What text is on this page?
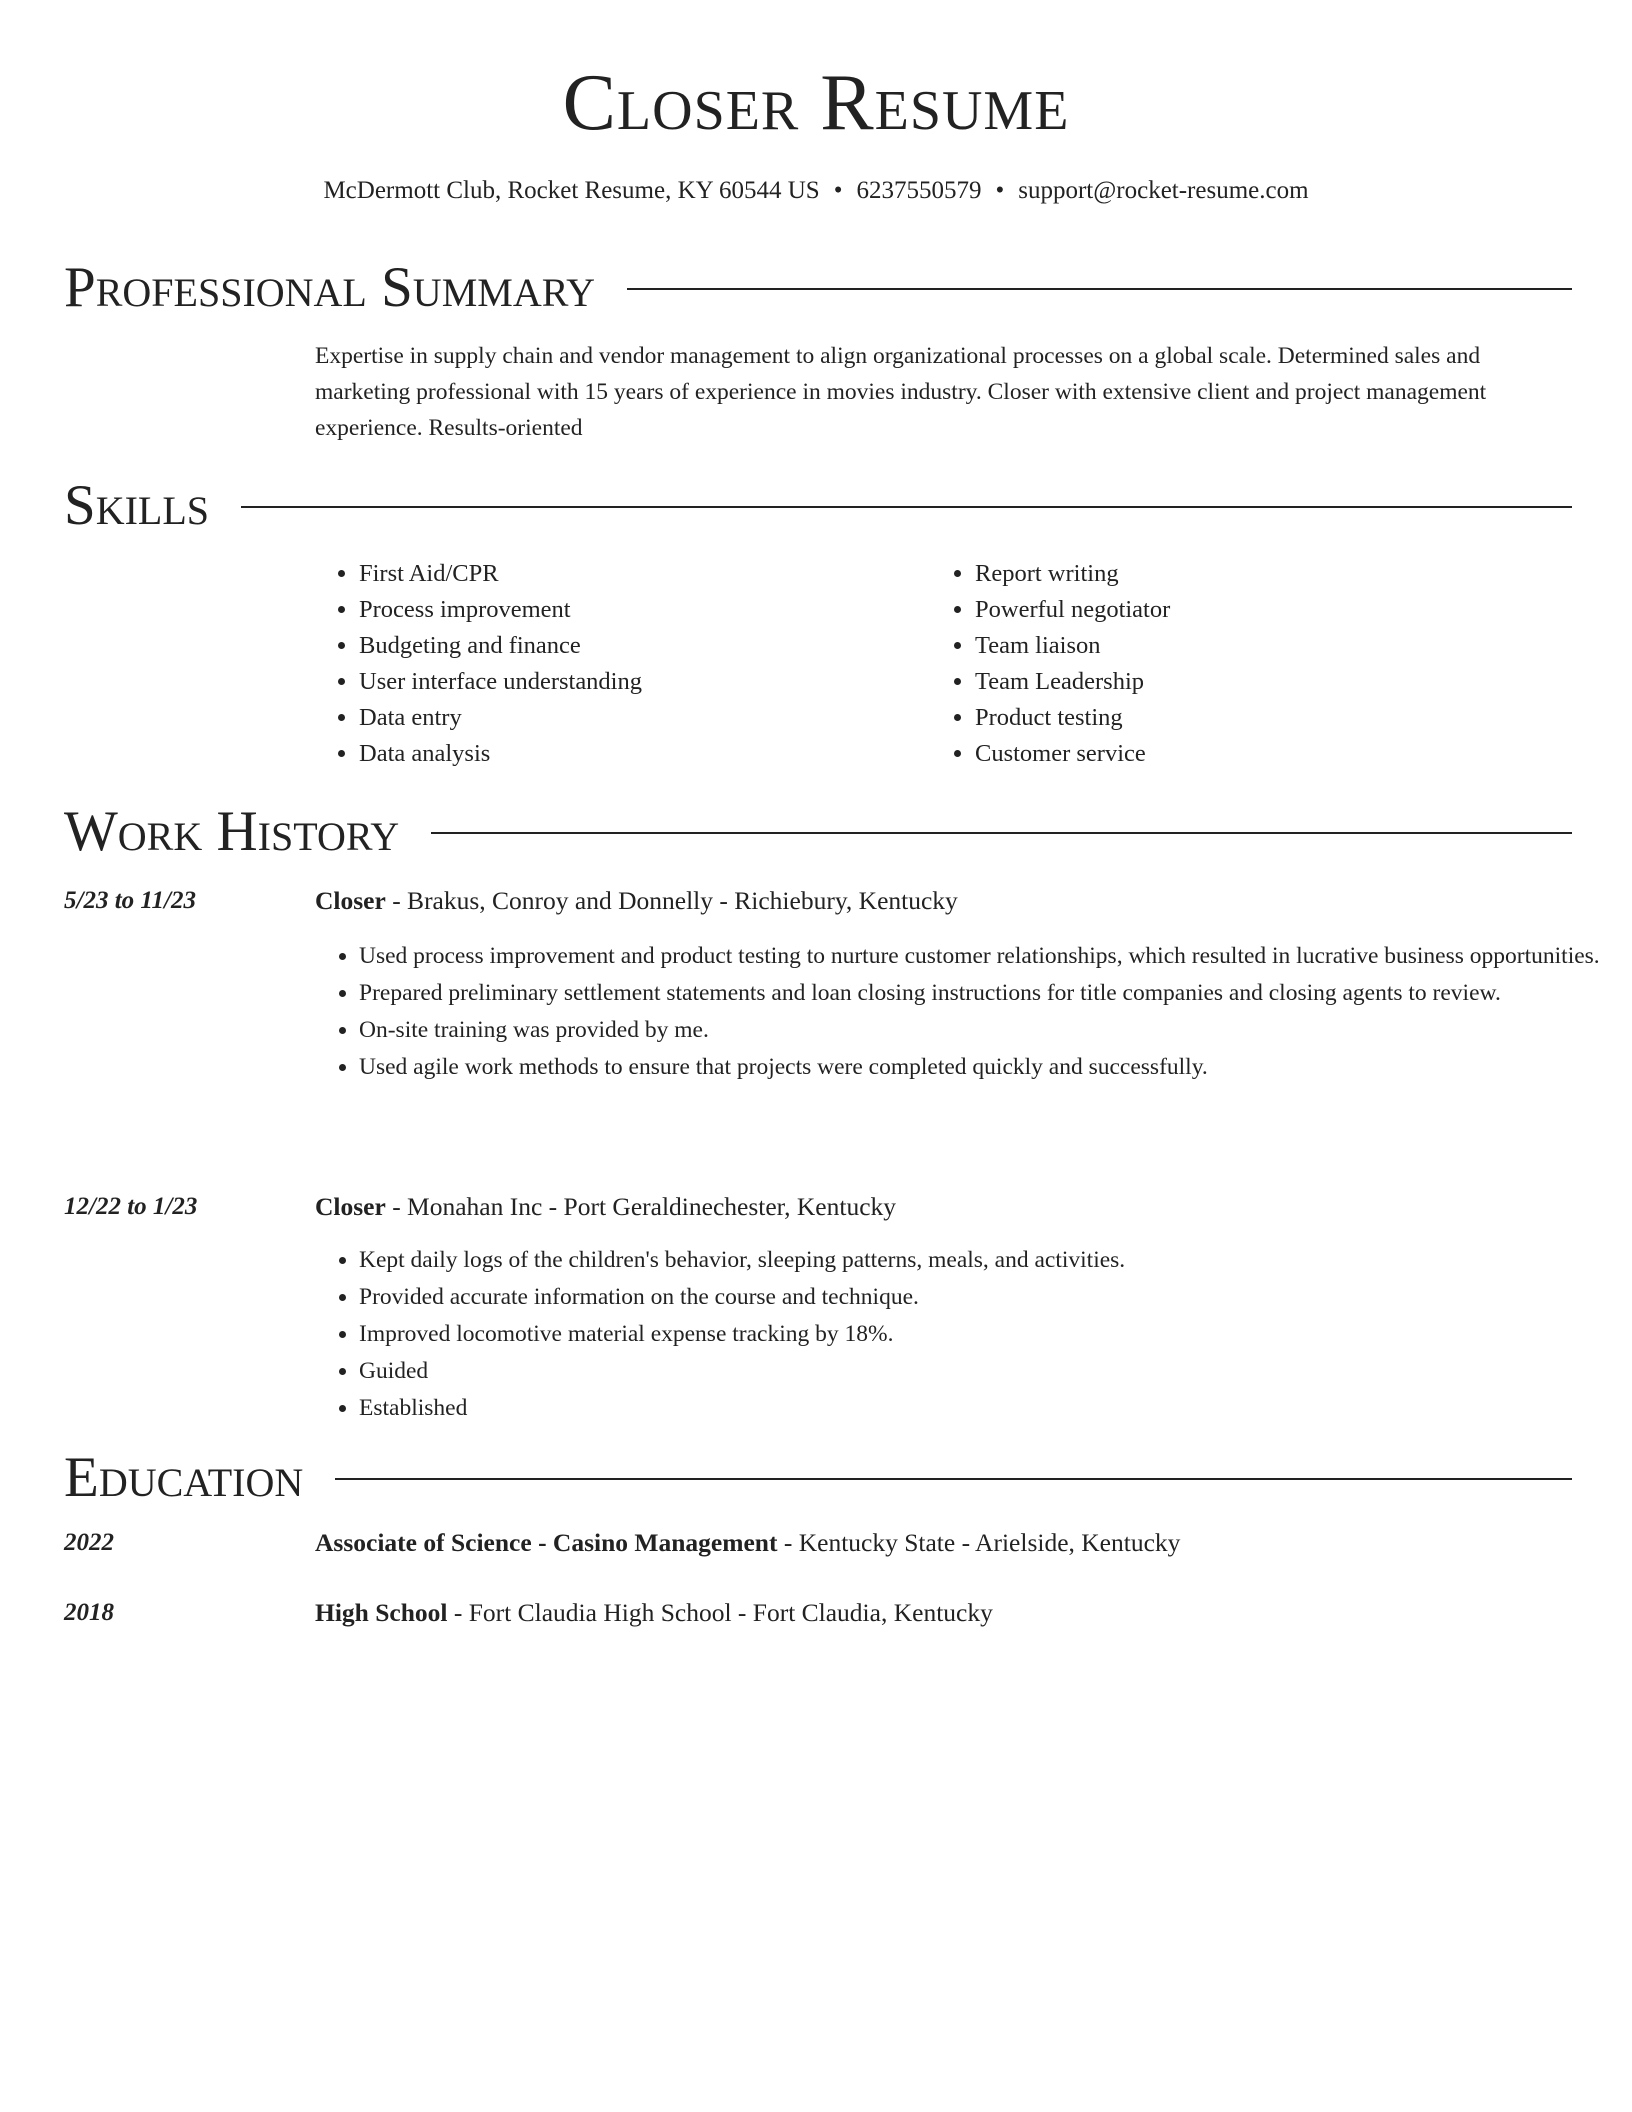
Closer Resume
McDermott Club, Rocket Resume, KY 60544 US • 6237550579 • support@rocket-resume.com
Professional Summary

Expertise in supply chain and vendor management to align organizational processes on a global scale. Determined sales and marketing professional with 15 years of experience in movies industry. Closer with extensive client and project management experience. Results-oriented

Skills
• First Aid/CPR
• Process improvement
• Budgeting and finance
• User interface understanding
• Data entry
• Data analysis
• Report writing
• Powerful negotiator
• Team liaison
• Team Leadership
• Product testing
• Customer service
Work History
5/23 to 11/23	Closer - Brakus, Conroy and Donnelly - Richiebury, Kentucky
• Used process improvement and product testing to nurture customer relationships, which resulted in lucrative business opportunities.
• Prepared preliminary settlement statements and loan closing instructions for title companies and closing agents to review.
• On-site training was provided by me.
• Used agile work methods to ensure that projects were completed quickly and successfully.
12/22 to 1/23	Closer - Monahan Inc - Port Geraldinechester, Kentucky
• Kept daily logs of the children's behavior, sleeping patterns, meals, and activities.
• Provided accurate information on the course and technique.
• Improved locomotive material expense tracking by 18%.
• Guided
• Established
Education
2022	Associate of Science - Casino Management - Kentucky State - Arielside, Kentucky
2018	High School - Fort Claudia High School - Fort Claudia, Kentucky
